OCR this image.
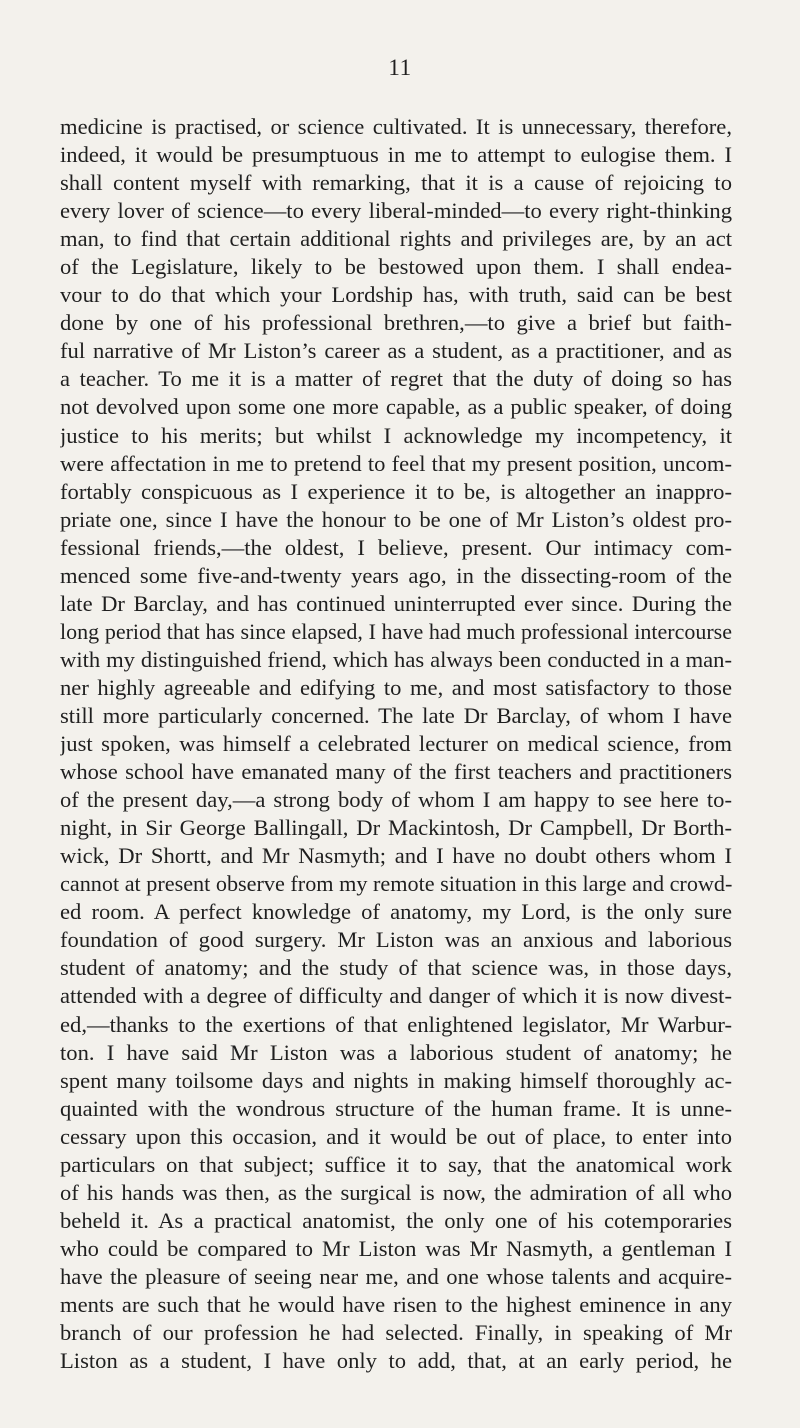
11
medicine is practised, or science cultivated. It is unnecessary, therefore,
indeed, it would be presumptuous in me to attempt to eulogise them. I
shall content myself with remarking, that it is a cause of rejoicing to
every lover of science—to every liberal-minded—to every right-thinking
man, to find that certain additional rights and privileges are, by an act
of the Legislature, likely to be bestowed upon them. I shall endea-
vour to do that which your Lordship has, with truth, said can be best
done by one of his professional brethren,—to give a brief but faith-
ful narrative of Mr Liston’s career as a student, as a practitioner, and as
a teacher. To me it is a matter of regret that the duty of doing so has
not devolved upon some one more capable, as a public speaker, of doing
justice to his merits; but whilst I acknowledge my incompetency, it
were affectation in me to pretend to feel that my present position, uncom-
fortably conspicuous as I experience it to be, is altogether an inappro-
priate one, since I have the honour to be one of Mr Liston’s oldest pro-
fessional friends,—the oldest, I believe, present. Our intimacy com-
menced some five-and-twenty years ago, in the dissecting-room of the
late Dr Barclay, and has continued uninterrupted ever since. During the
long period that has since elapsed, I have had much professional intercourse
with my distinguished friend, which has always been conducted in a man-
ner highly agreeable and edifying to me, and most satisfactory to those
still more particularly concerned. The late Dr Barclay, of whom I have
just spoken, was himself a celebrated lecturer on medical science, from
whose school have emanated many of the first teachers and practitioners
of the present day,—a strong body of whom I am happy to see here to-
night, in Sir George Ballingall, Dr Mackintosh, Dr Campbell, Dr Borth-
wick, Dr Shortt, and Mr Nasmyth; and I have no doubt others whom I
cannot at present observe from my remote situation in this large and crowd-
ed room. A perfect knowledge of anatomy, my Lord, is the only sure
foundation of good surgery. Mr Liston was an anxious and laborious
student of anatomy; and the study of that science was, in those days,
attended with a degree of difficulty and danger of which it is now divest-
ed,—thanks to the exertions of that enlightened legislator, Mr Warbur-
ton. I have said Mr Liston was a laborious student of anatomy; he
spent many toilsome days and nights in making himself thoroughly ac-
quainted with the wondrous structure of the human frame. It is unne-
cessary upon this occasion, and it would be out of place, to enter into
particulars on that subject; suffice it to say, that the anatomical work
of his hands was then, as the surgical is now, the admiration of all who
beheld it. As a practical anatomist, the only one of his cotemporaries
who could be compared to Mr Liston was Mr Nasmyth, a gentleman I
have the pleasure of seeing near me, and one whose talents and acquire-
ments are such that he would have risen to the highest eminence in any
branch of our profession he had selected. Finally, in speaking of Mr
Liston as a student, I have only to add, that, at an early period, he
